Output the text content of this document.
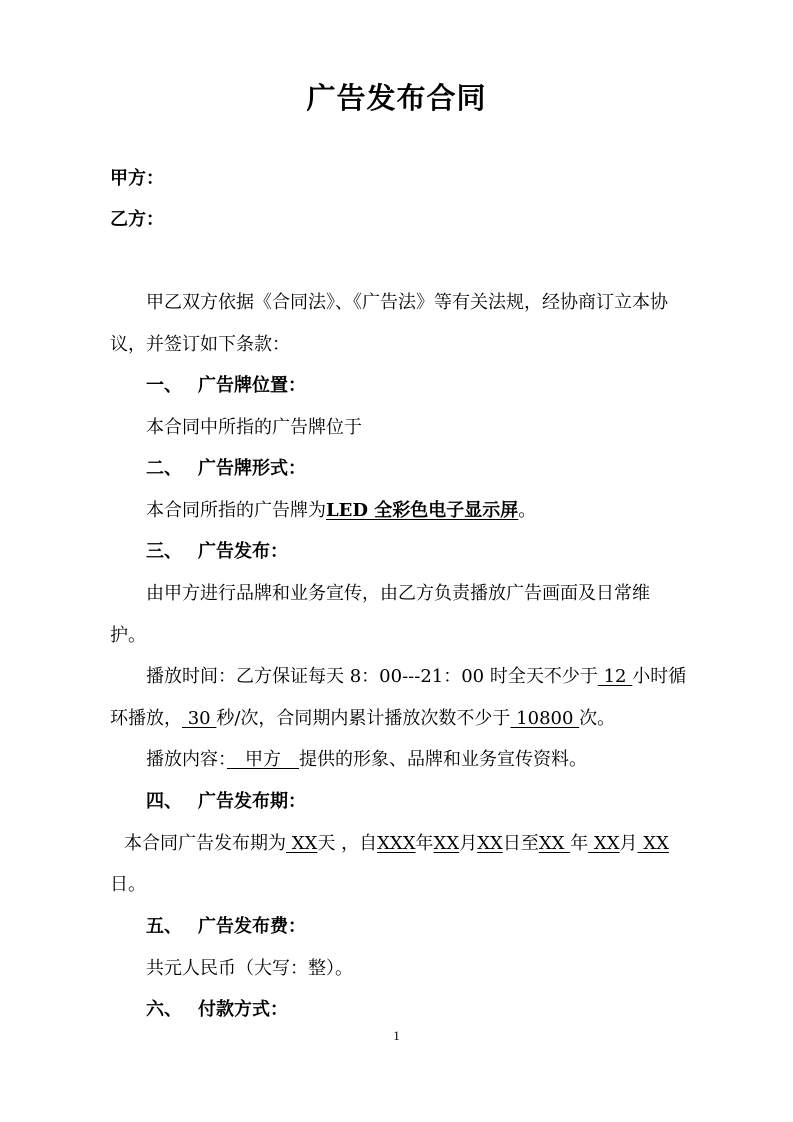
广告发布合同
甲方：
乙方：
甲乙双方依据《合同法》、《广告法》等有关法规，经协商订立本协
议，并签订如下条款：
一、 广告牌位置：
本合同中所指的广告牌位于
二、 广告牌形式：
本合同所指的广告牌为LED 全彩色电子显示屏。
三、 广告发布：
由甲方进行品牌和业务宣传，由乙方负责播放广告画面及日常维
护。
播放时间：乙方保证每天 8：00---21：00 时全天不少于 12 小时循
环播放， 30 秒/次，合同期内累计播放次数不少于 10800 次。
播放内容：　甲方　提供的形象、品牌和业务宣传资料。
四、 广告发布期：
本合同广告发布期为 XX天 ，自XXX年XX月XX日至XX 年 XX月 XX
日。
五、 广告发布费：
共元人民币（大写：整）。
六、 付款方式：
1
